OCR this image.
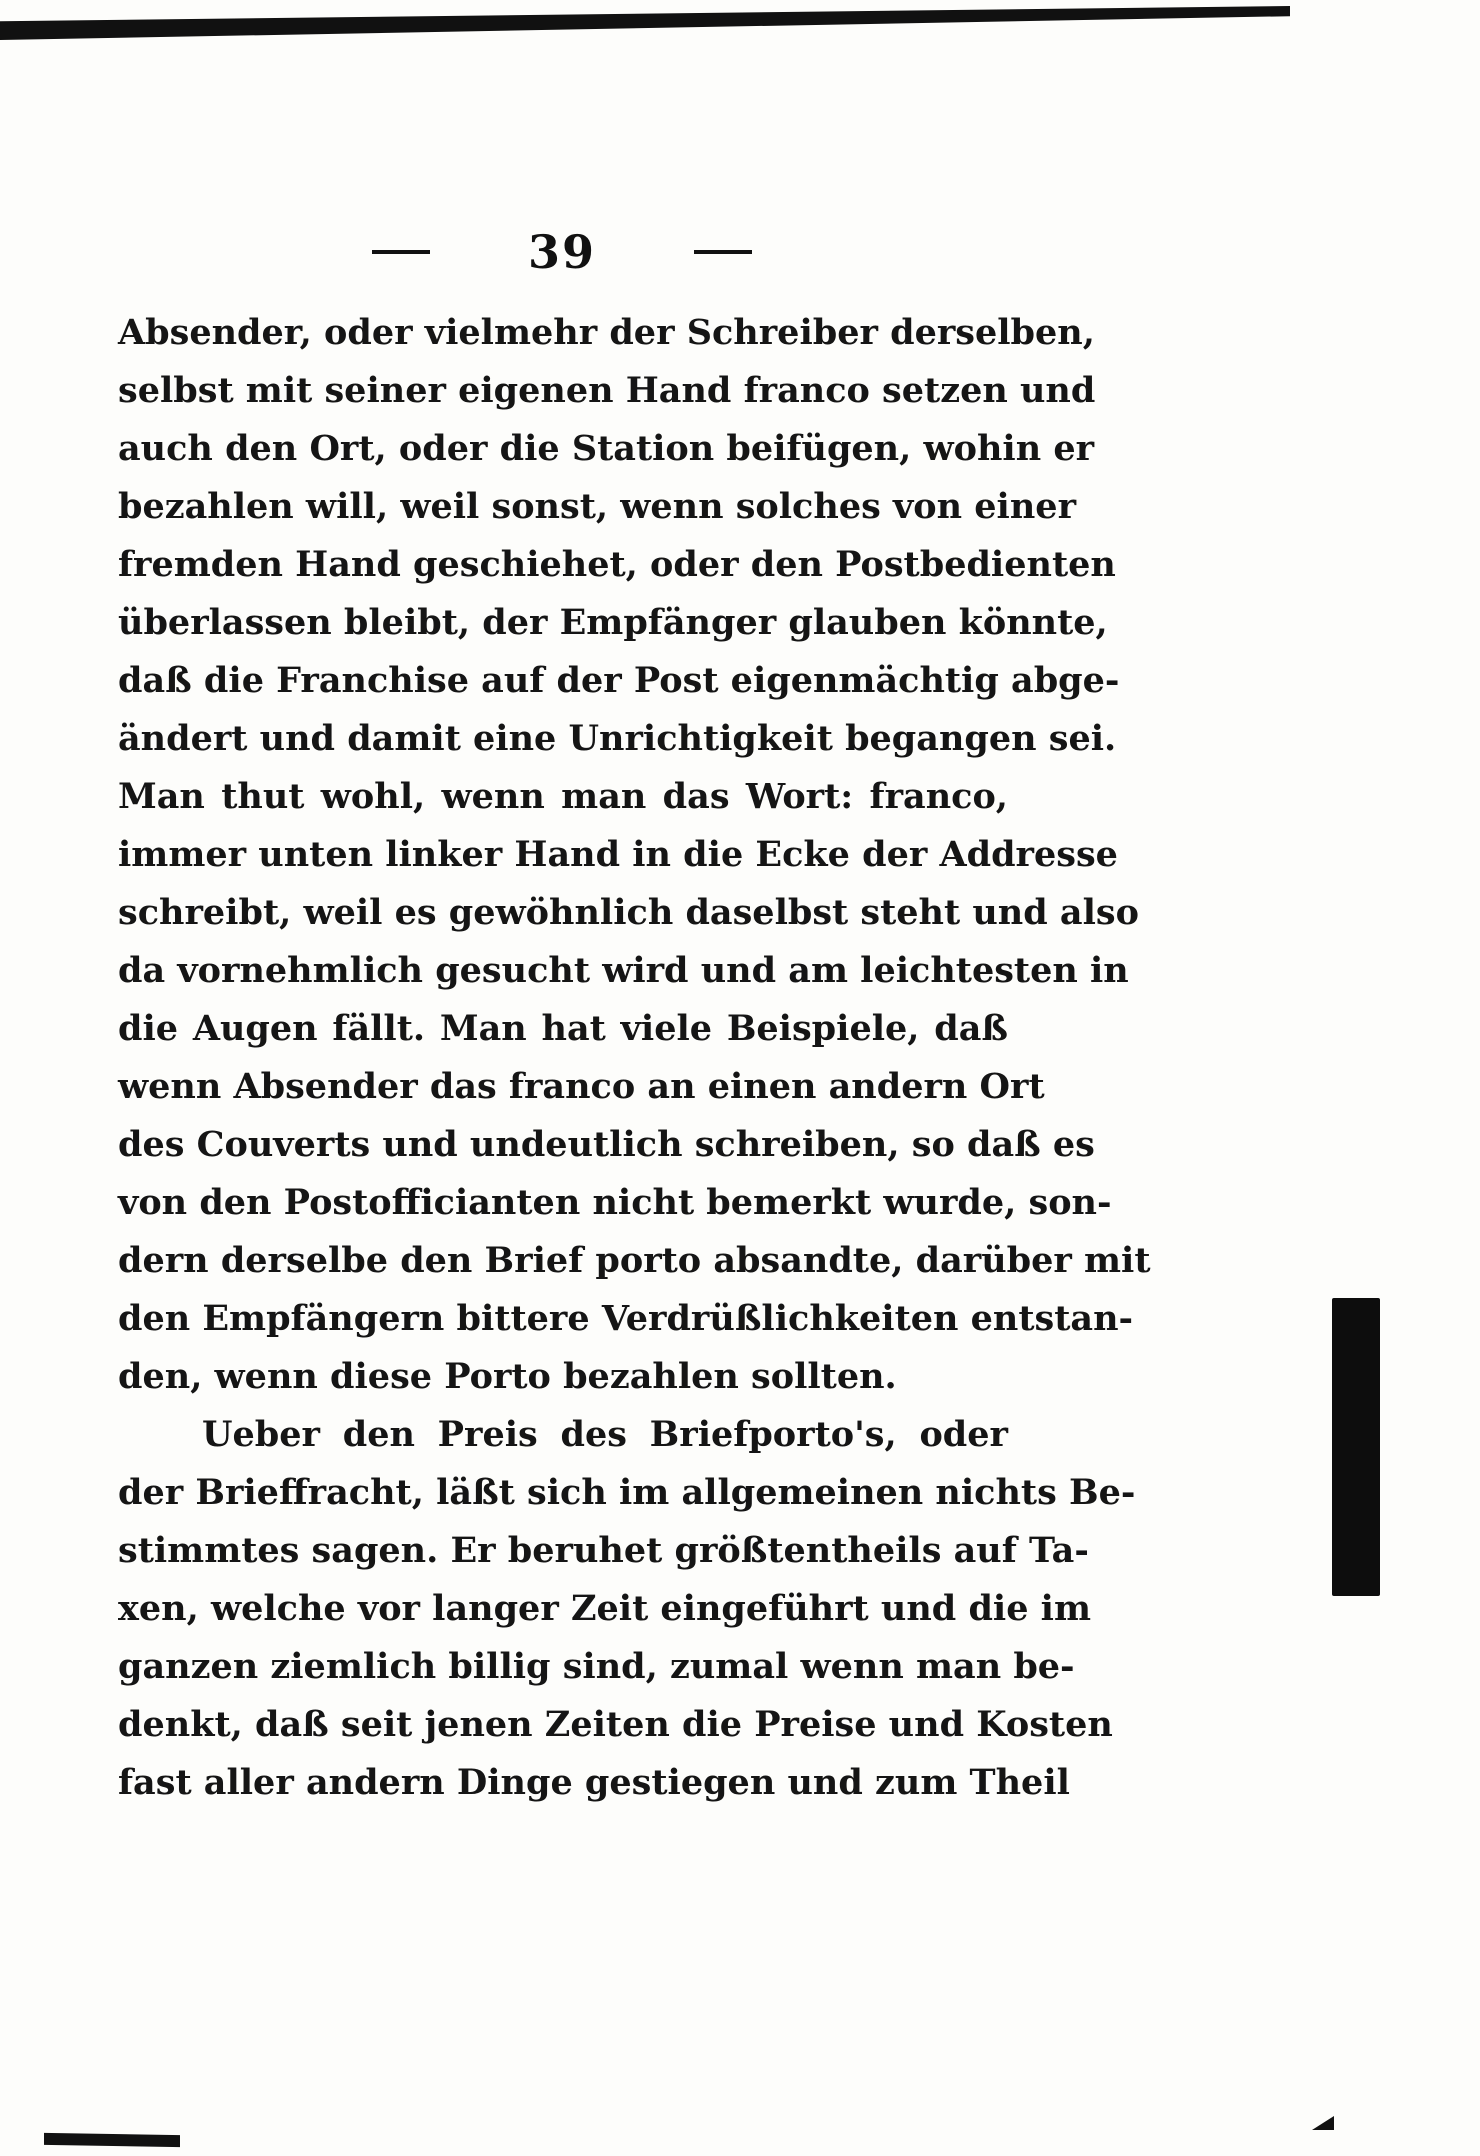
39
Absender, oder vielmehr der Schreiber derselben,
selbst mit seiner eigenen Hand franco setzen und
auch den Ort, oder die Station beifügen, wohin er
bezahlen will, weil sonst, wenn solches von einer
fremden Hand geschiehet, oder den Postbedienten
überlassen bleibt, der Empfänger glauben könnte,
daß die Franchise auf der Post eigenmächtig abge-
ändert und damit eine Unrichtigkeit begangen sei.
Man thut wohl, wenn man das Wort: franco,
immer unten linker Hand in die Ecke der Addresse
schreibt, weil es gewöhnlich daselbst steht und also
da vornehmlich gesucht wird und am leichtesten in
die Augen fällt. Man hat viele Beispiele, daß
wenn Absender das franco an einen andern Ort
des Couverts und undeutlich schreiben, so daß es
von den Postofficianten nicht bemerkt wurde, son-
dern derselbe den Brief porto absandte, darüber mit
den Empfängern bittere Verdrüßlichkeiten entstan-
den, wenn diese Porto bezahlen sollten.
Ueber den Preis des Briefporto's, oder
der Brieffracht, läßt sich im allgemeinen nichts Be-
stimmtes sagen. Er beruhet größtentheils auf Ta-
xen, welche vor langer Zeit eingeführt und die im
ganzen ziemlich billig sind, zumal wenn man be-
denkt, daß seit jenen Zeiten die Preise und Kosten
fast aller andern Dinge gestiegen und zum Theil
